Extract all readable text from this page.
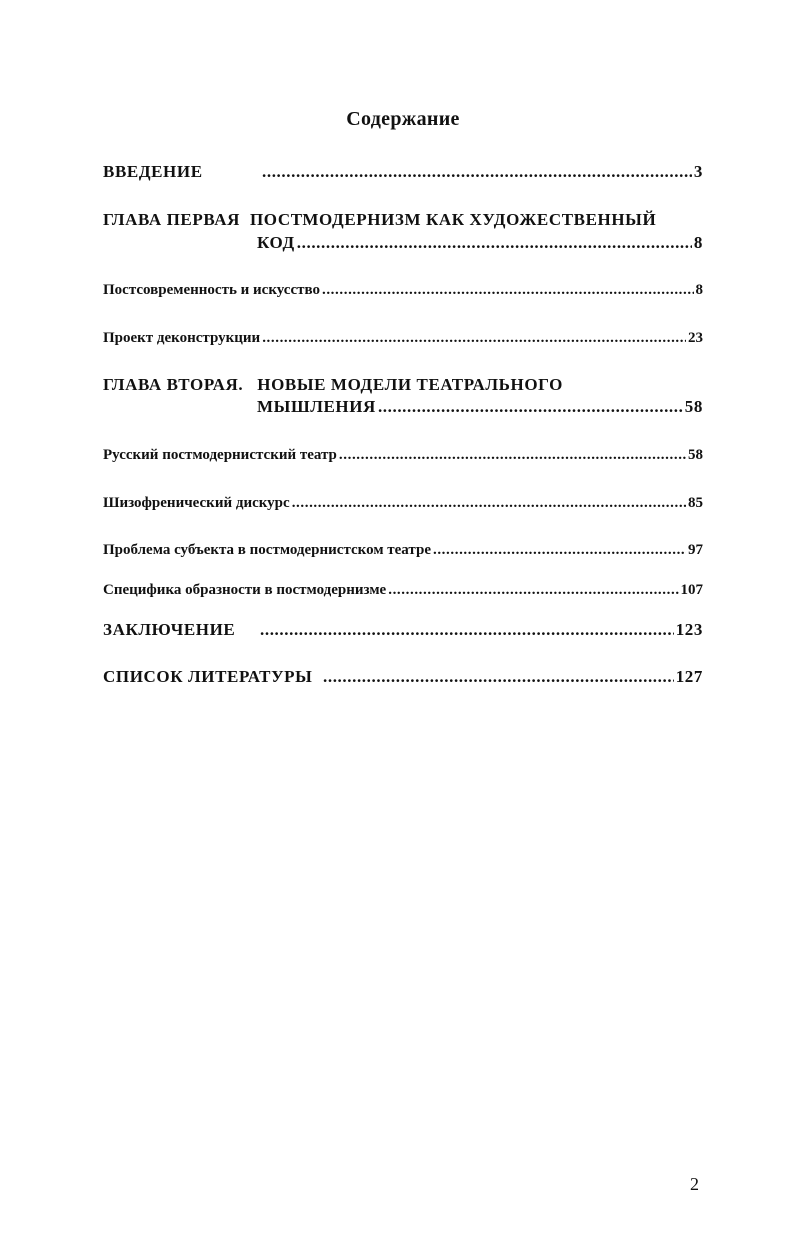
Содержание
ВВЕДЕНИЕ .....	3
ГЛАВА ПЕРВАЯ ПОСТМОДЕРНИЗМ КАК ХУДОЖЕСТВЕННЫЙ
КОД .....	8
Постсовременность и искусство .....	8
Проект деконструкции .....	23
ГЛАВА ВТОРАЯ. НОВЫЕ МОДЕЛИ ТЕАТРАЛЬНОГО
МЫШЛЕНИЯ .....	58
Русский постмодернистский театр .....	58
Шизофренический дискурс .....	85
Проблема субъекта в постмодернистском театре .....	97
Специфика образности в постмодернизме .....	107
ЗАКЛЮЧЕНИЕ .....	123
СПИСОК ЛИТЕРАТУРЫ .....	127
2
